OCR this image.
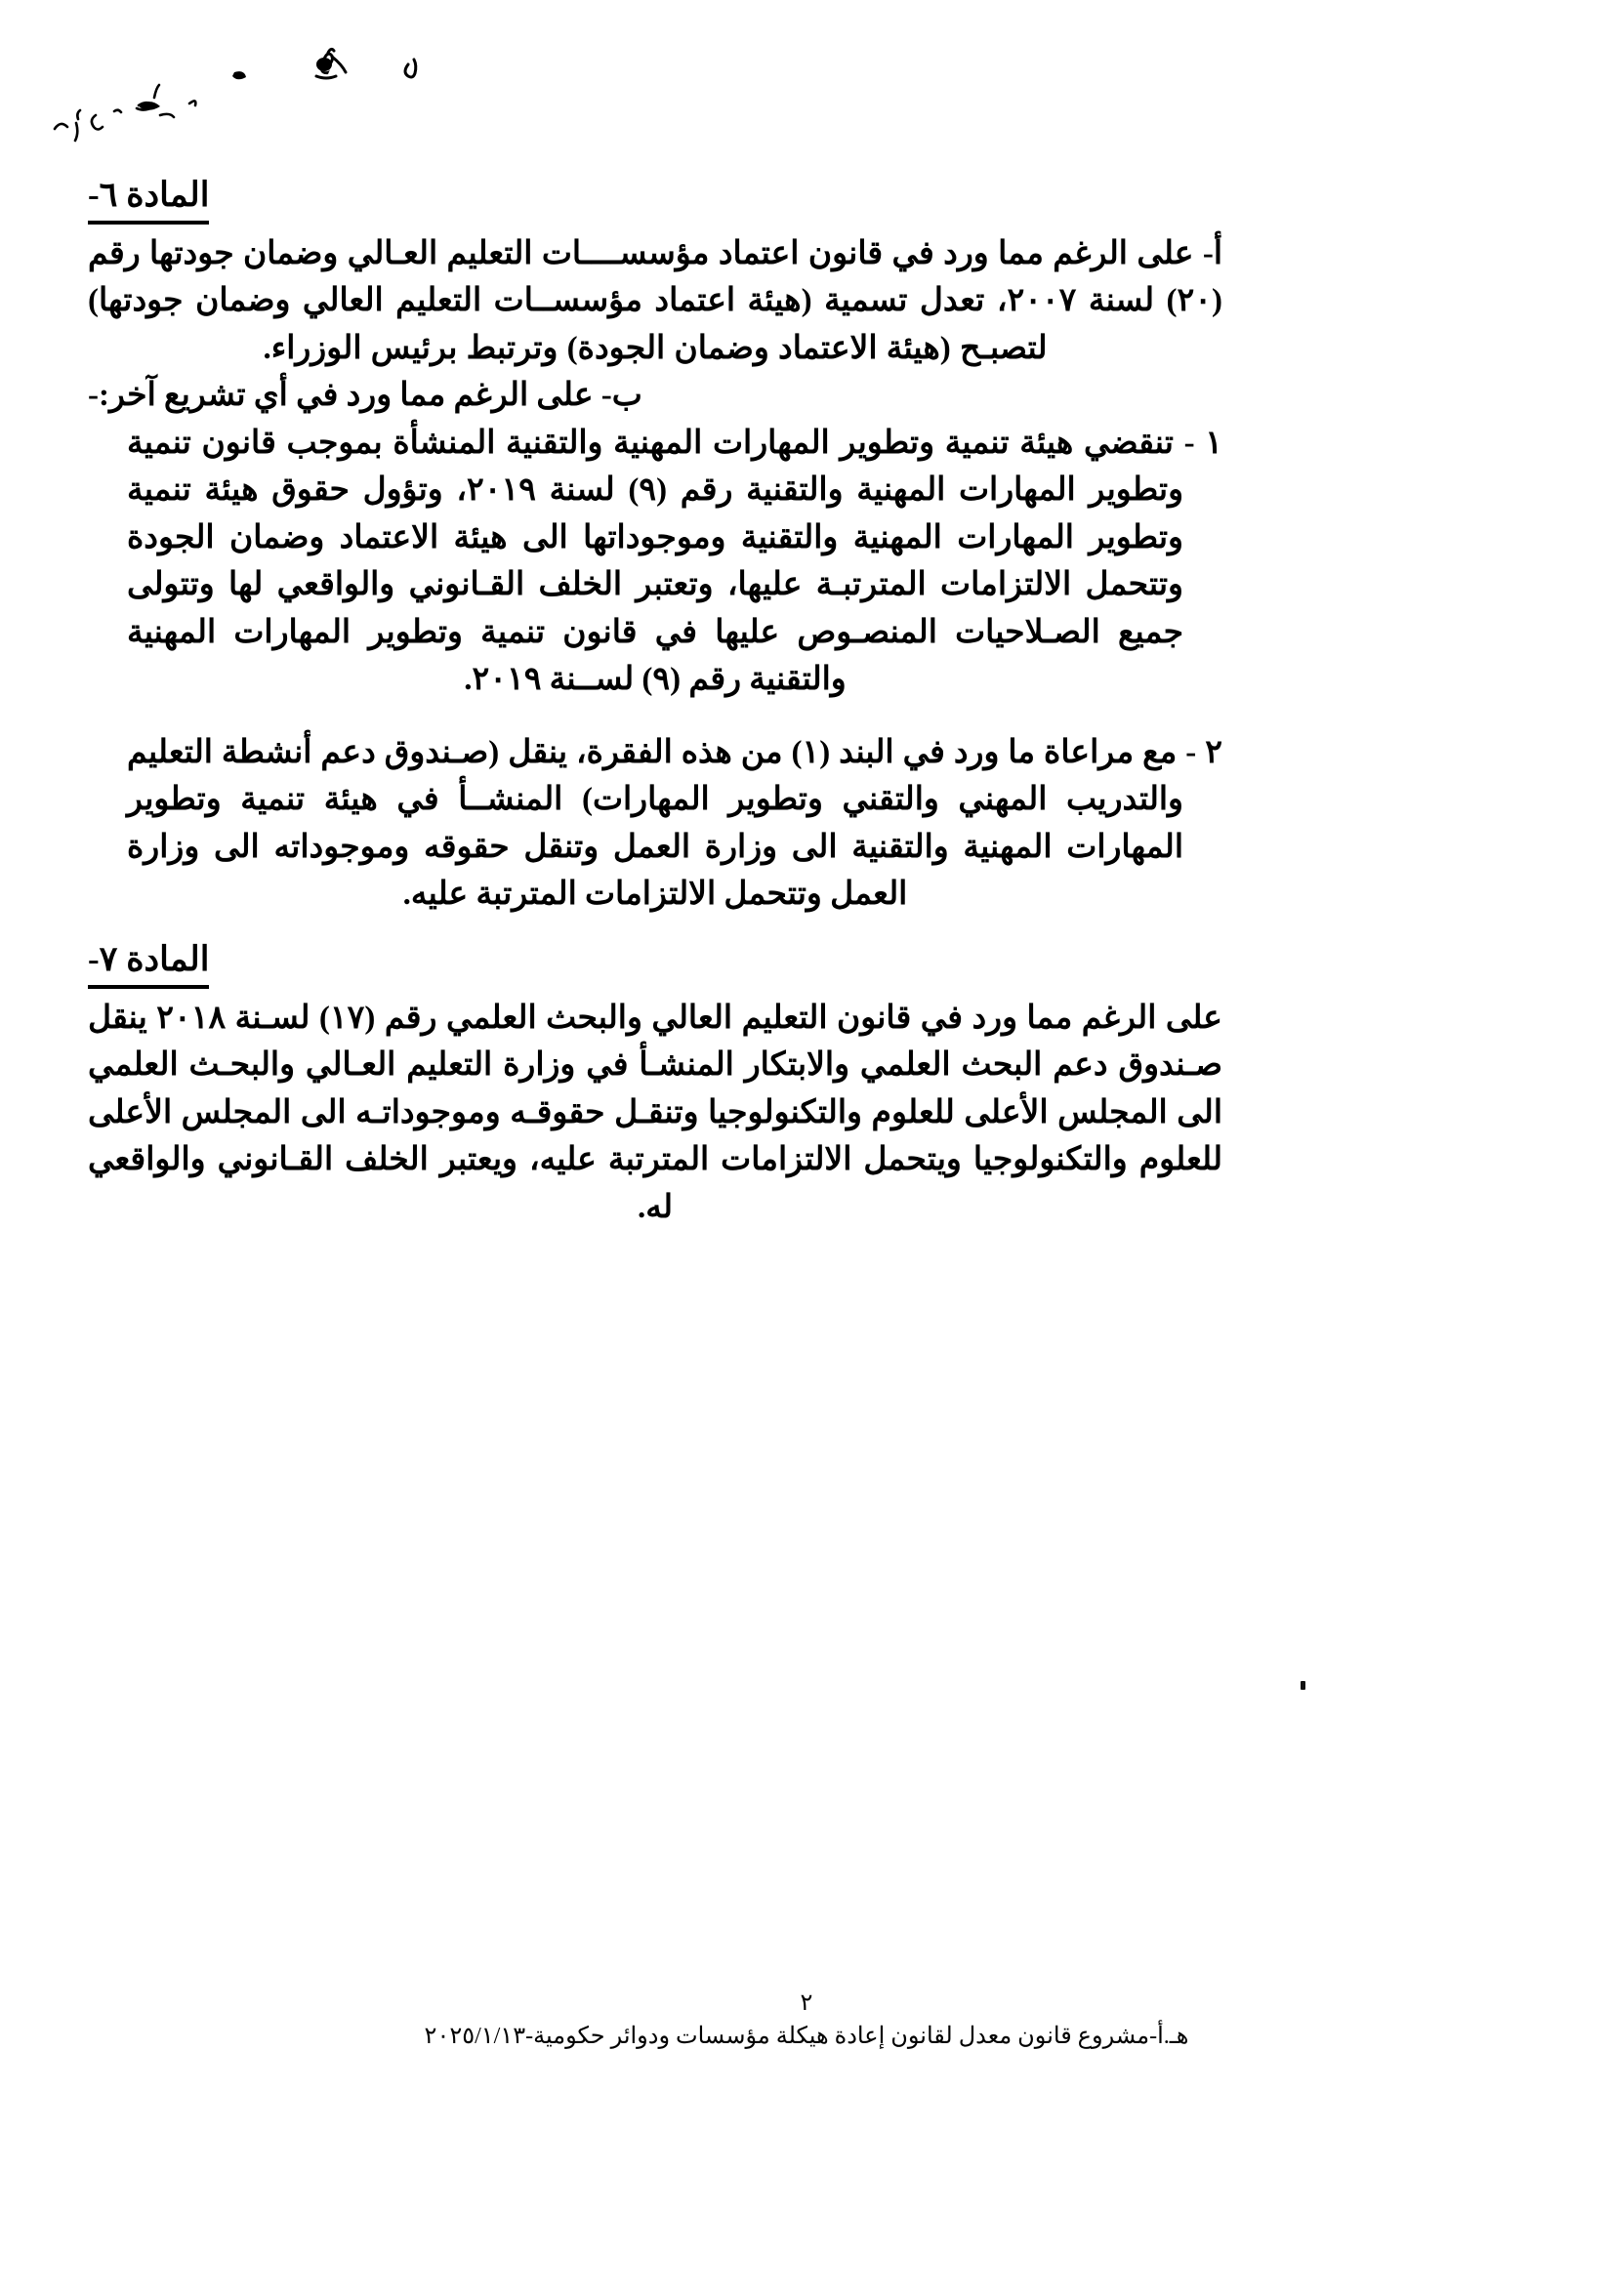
المادة ٦-

أ- على الرغم مما ورد في قانون اعتماد مؤسســــات التعليم العـالي وضمان جودتها رقم (٢٠) لسنة ٢٠٠٧، تعدل تسمية (هيئة اعتماد مؤسســات التعليم العالي وضمان جودتها) لتصبـح (هيئة الاعتماد وضمان الجودة) وترتبط برئيس الوزراء.

ب- على الرغم مما ورد في أي تشريع آخر:-

١ - تنقضي هيئة تنمية وتطوير المهارات المهنية والتقنية المنشأة بموجب قانون تنمية وتطوير المهارات المهنية والتقنية رقم (٩) لسنة ٢٠١٩، وتؤول حقوق هيئة تنمية وتطوير المهارات المهنية والتقنية وموجوداتها الى هيئة الاعتماد وضمان الجودة وتتحمل الالتزامات المترتبـة عليها، وتعتبر الخلف القـانوني والواقعي لها وتتولى جميع الصـلاحيات المنصـوص عليها في قانون تنمية وتطوير المهارات المهنية والتقنية رقم (٩) لســنة ٢٠١٩.

٢ - مع مراعاة ما ورد في البند (١) من هذه الفقرة، ينقل (صـندوق دعم أنشطة التعليم والتدريب المهني والتقني وتطوير المهارات) المنشــأ في هيئة تنمية وتطوير المهارات المهنية والتقنية الى وزارة العمل وتنقل حقوقه وموجوداته الى وزارة العمل وتتحمل الالتزامات المترتبة عليه.

المادة ٧-

على الرغم مما ورد في قانون التعليم العالي والبحث العلمي رقم (١٧) لسـنة ٢٠١٨ ينقل صـندوق دعم البحث العلمي والابتكار المنشـأ في وزارة التعليم العـالي والبحـث العلمي الى المجلس الأعلى للعلوم والتكنولوجيا وتنقـل حقوقـه وموجوداتـه الى المجلس الأعلى للعلوم والتكنولوجيا ويتحمل الالتزامات المترتبة عليه، ويعتبر الخلف القـانوني والواقعي له.

٢

هـ.أ-مشروع قانون معدل لقانون إعادة هيكلة مؤسسات ودوائر حكومية-٢٠٢٥/١/١٣
